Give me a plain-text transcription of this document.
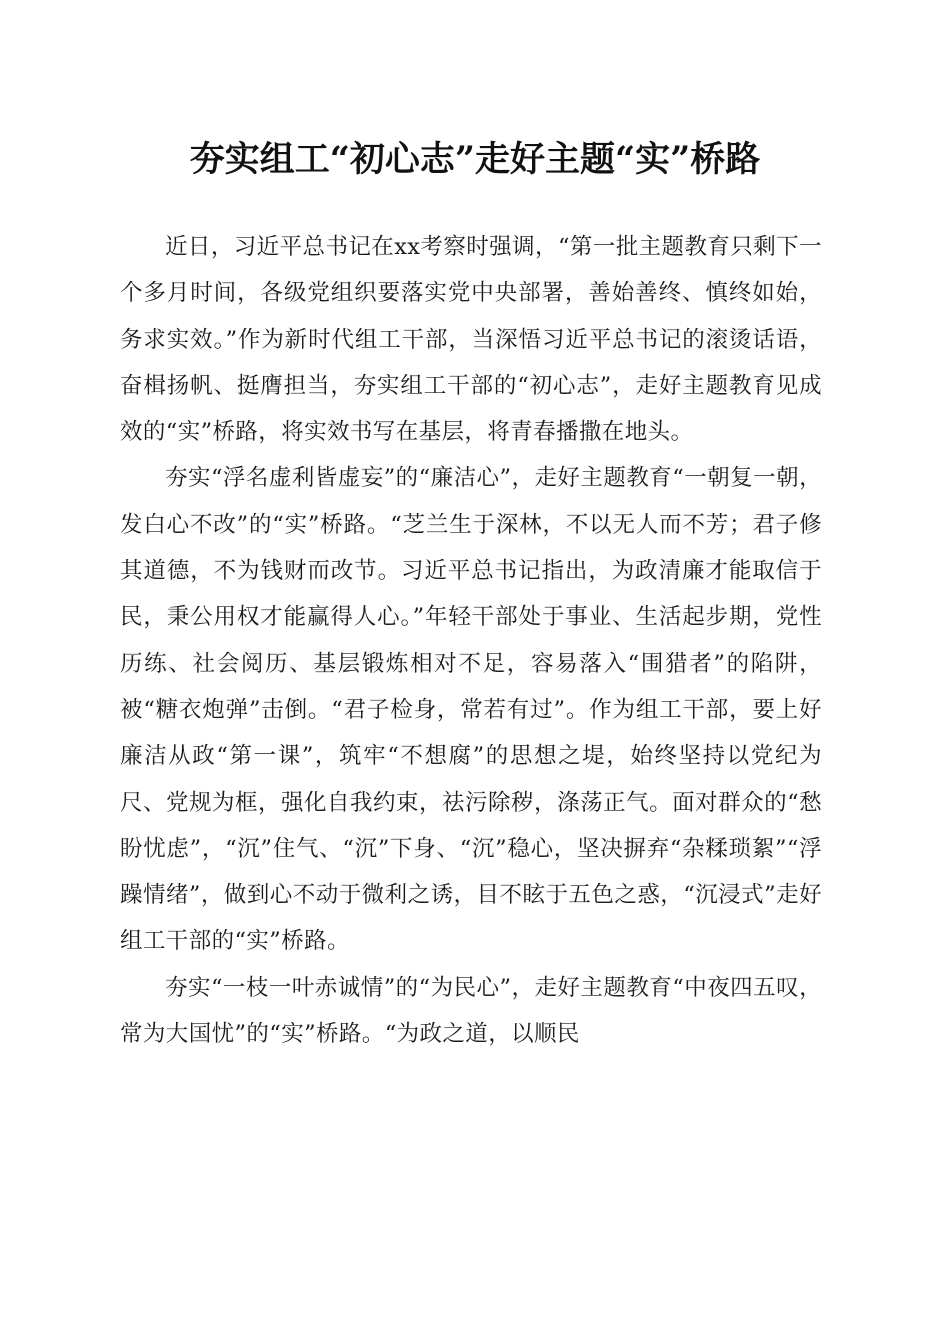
夯实组工“初心志”走好主题“实”桥路

近日，习近平总书记在xx考察时强调，“第一批主题教育只剩下一个多月时间，各级党组织要落实党中央部署，善始善终、慎终如始，务求实效。”作为新时代组工干部，当深悟习近平总书记的滚烫话语，奋楫扬帆、挺膺担当，夯实组工干部的“初心志”，走好主题教育见成效的“实”桥路，将实效书写在基层，将青春播撒在地头。

夯实“浮名虚利皆虚妄”的“廉洁心”，走好主题教育“一朝复一朝，发白心不改”的“实”桥路。“芝兰生于深林，不以无人而不芳；君子修其道德，不为钱财而改节。习近平总书记指出，为政清廉才能取信于民，秉公用权才能赢得人心。”年轻干部处于事业、生活起步期，党性历练、社会阅历、基层锻炼相对不足，容易落入“围猎者”的陷阱，被“糖衣炮弹”击倒。“君子检身，常若有过”。作为组工干部，要上好廉洁从政“第一课”，筑牢“不想腐”的思想之堤，始终坚持以党纪为尺、党规为框，强化自我约束，祛污除秽，涤荡正气。面对群众的“愁盼忧虑”，“沉”住气、“沉”下身、“沉”稳心，坚决摒弃“杂糅琐絮”“浮躁情绪”，做到心不动于微利之诱，目不眩于五色之惑，“沉浸式”走好组工干部的“实”桥路。

夯实“一枝一叶赤诚情”的“为民心”，走好主题教育“中夜四五叹，常为大国忧”的“实”桥路。“为政之道，以顺民
